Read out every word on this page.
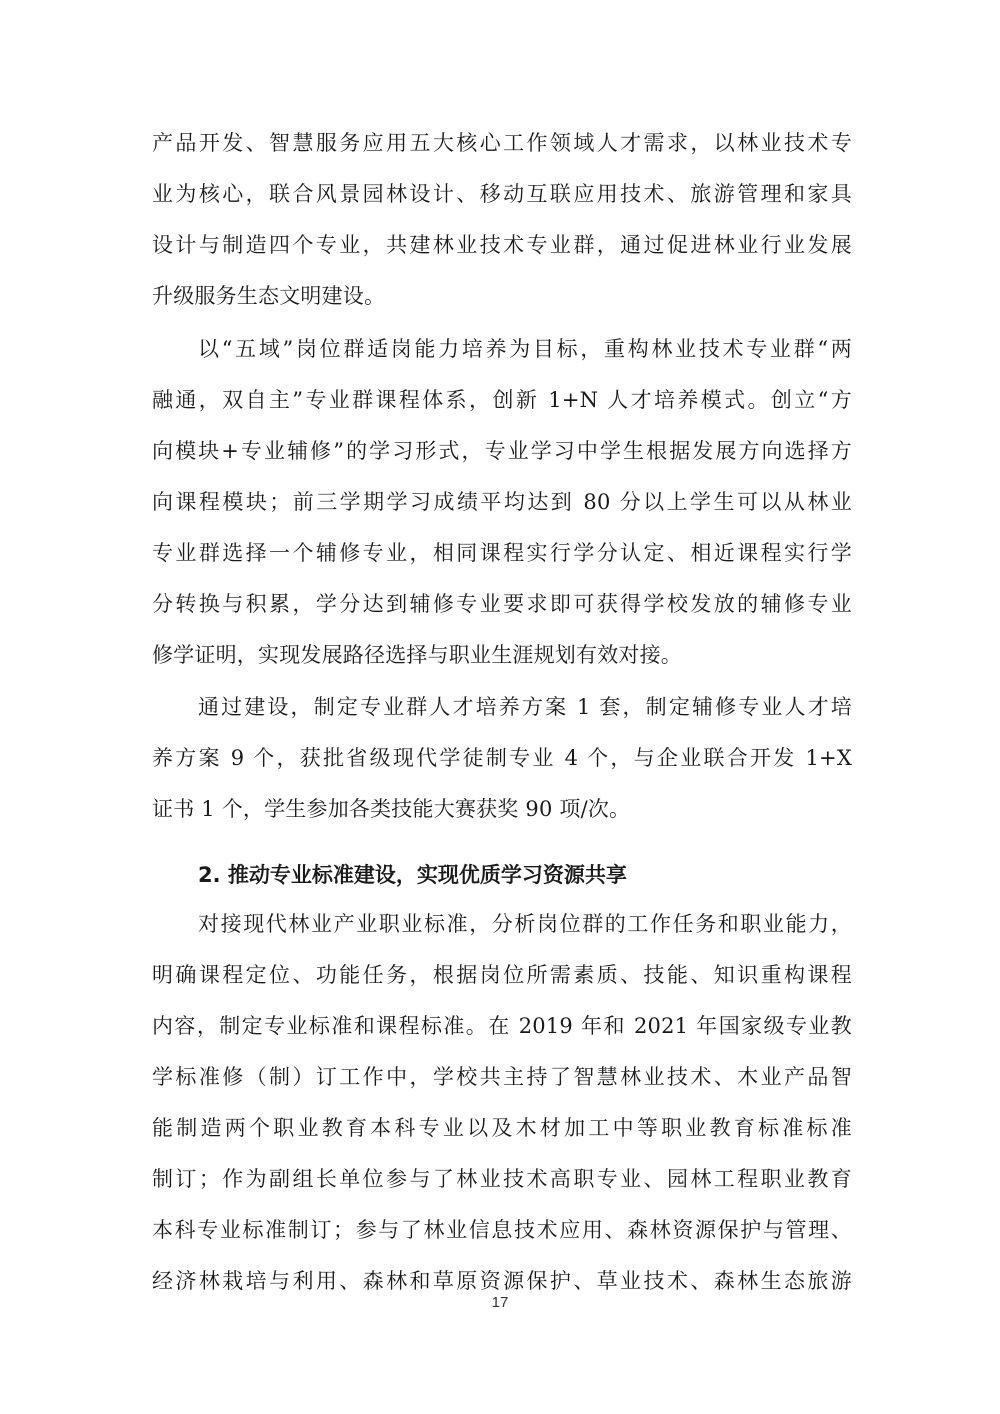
产品开发、智慧服务应用五大核心工作领域人才需求，以林业技术专
业为核心，联合风景园林设计、移动互联应用技术、旅游管理和家具
设计与制造四个专业，共建林业技术专业群，通过促进林业行业发展
升级服务生态文明建设。
以“五域”岗位群适岗能力培养为目标，重构林业技术专业群“两
融通，双自主”专业群课程体系，创新 1+N 人才培养模式。创立“方
向模块+专业辅修”的学习形式，专业学习中学生根据发展方向选择方
向课程模块；前三学期学习成绩平均达到 80 分以上学生可以从林业
专业群选择一个辅修专业，相同课程实行学分认定、相近课程实行学
分转换与积累，学分达到辅修专业要求即可获得学校发放的辅修专业
修学证明，实现发展路径选择与职业生涯规划有效对接。
通过建设，制定专业群人才培养方案 1 套，制定辅修专业人才培
养方案 9 个，获批省级现代学徒制专业 4 个，与企业联合开发 1+X
证书 1 个，学生参加各类技能大赛获奖 90 项/次。
2. 推动专业标准建设，实现优质学习资源共享
对接现代林业产业职业标准，分析岗位群的工作任务和职业能力，
明确课程定位、功能任务，根据岗位所需素质、技能、知识重构课程
内容，制定专业标准和课程标准。在 2019 年和 2021 年国家级专业教
学标准修（制）订工作中，学校共主持了智慧林业技术、木业产品智
能制造两个职业教育本科专业以及木材加工中等职业教育标准标准
制订；作为副组长单位参与了林业技术高职专业、园林工程职业教育
本科专业标准制订；参与了林业信息技术应用、森林资源保护与管理、
经济林栽培与利用、森林和草原资源保护、草业技术、森林生态旅游
17
